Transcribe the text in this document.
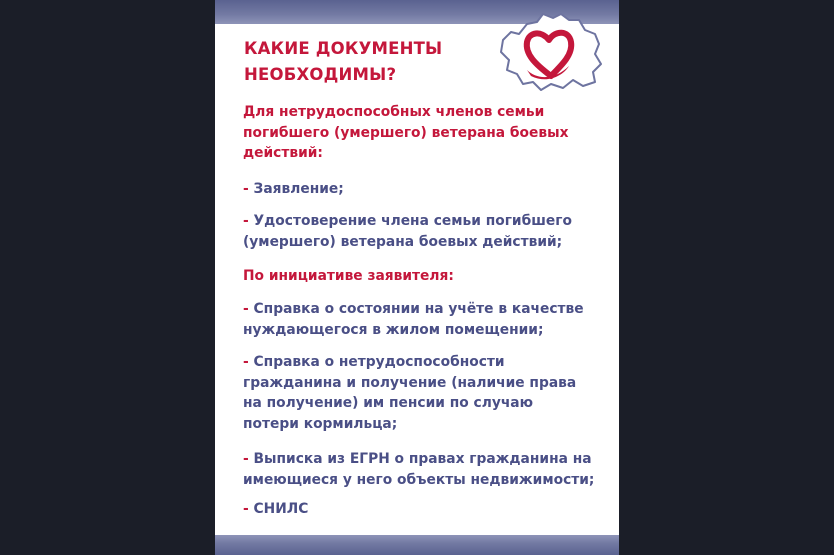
КАКИЕ ДОКУМЕНТЫ
НЕОБХОДИМЫ?

Для нетрудоспособных членов семьи
погибшего (умершего) ветерана боевых
действий:

- Заявление;

- Удостоверение члена семьи погибшего
(умершего) ветерана боевых действий;

По инициативе заявителя:

- Справка о состоянии на учёте в качестве
нуждающегося в жилом помещении;

- Справка о нетрудоспособности
гражданина и получение (наличие права
на получение) им пенсии по случаю
потери кормильца;

- Выписка из ЕГРН о правах гражданина на
имеющиеся у него объекты недвижимости;

- СНИЛС
